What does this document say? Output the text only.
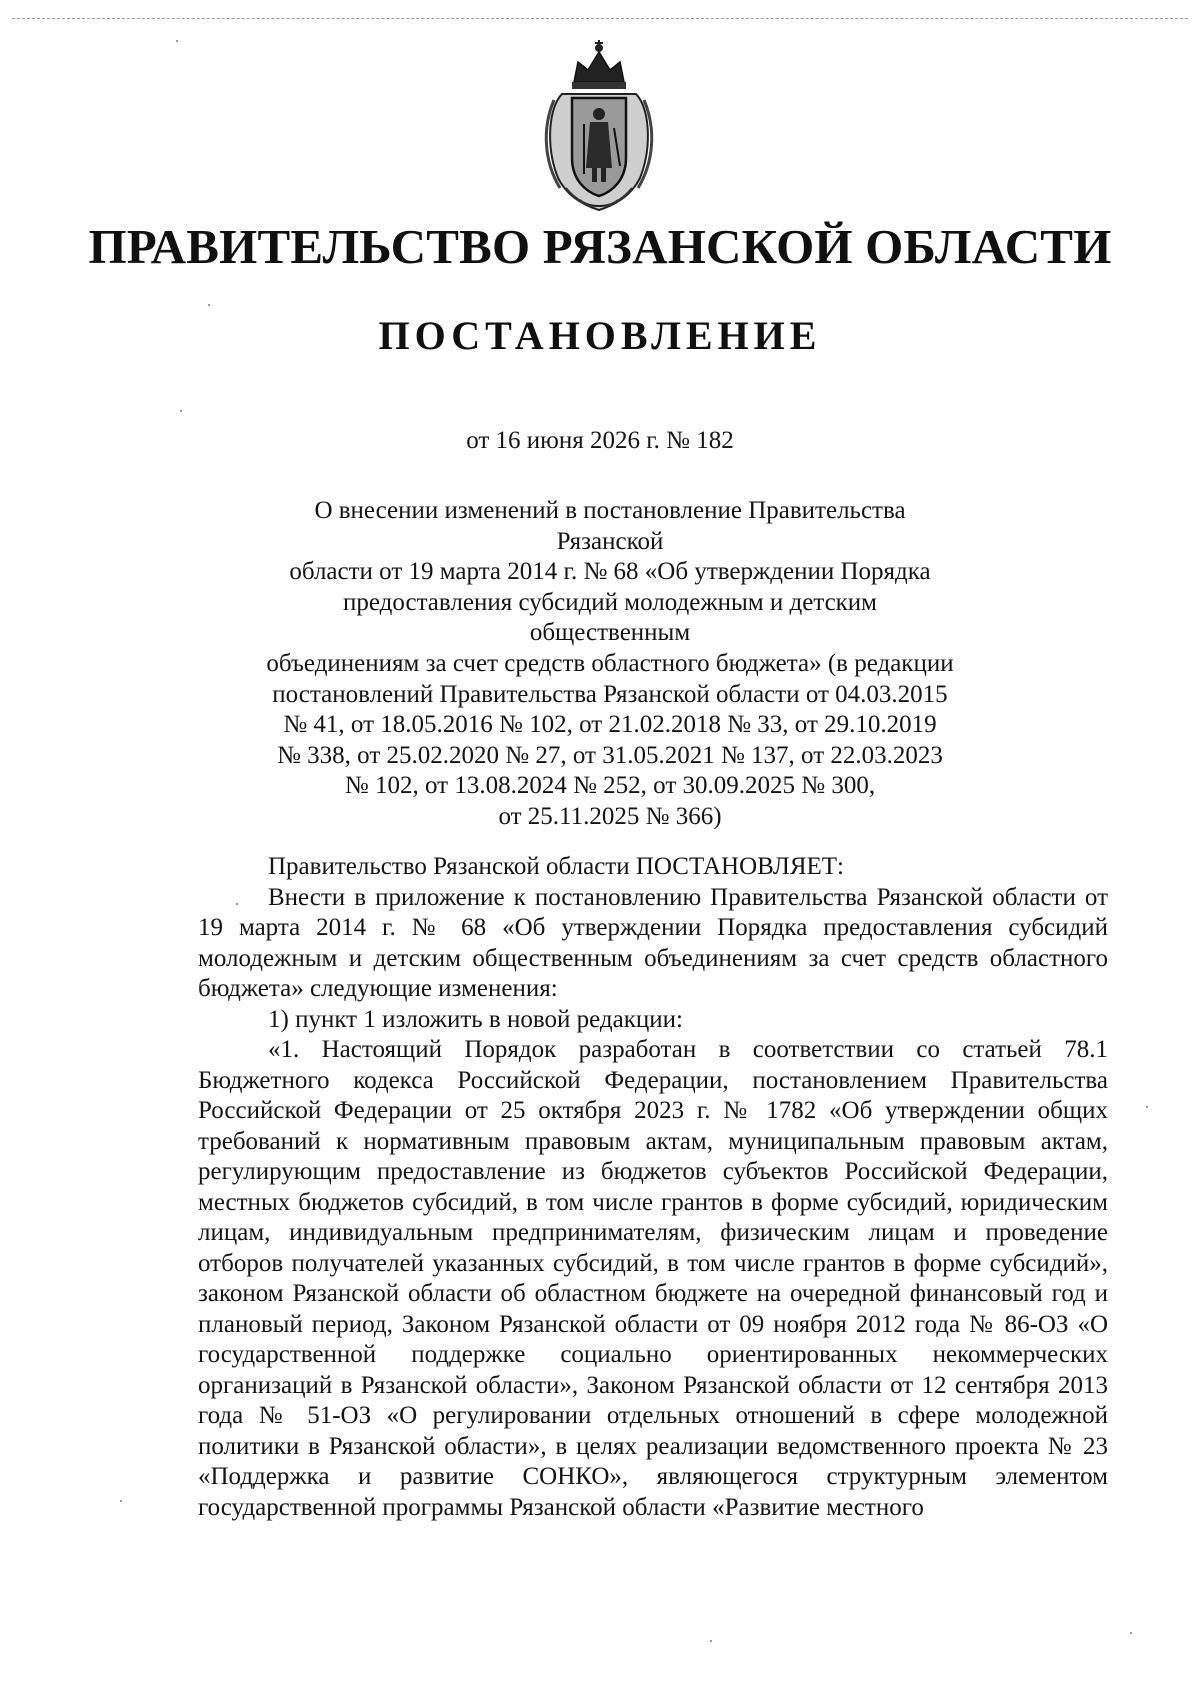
ПРАВИТЕЛЬСТВО РЯЗАНСКОЙ ОБЛАСТИ
ПОСТАНОВЛЕНИЕ
от 16 июня 2026 г. № 182
О внесении изменений в постановление Правительства Рязанской
области от 19 марта 2014 г. № 68 «Об утверждении Порядка
предоставления субсидий молодежным и детским общественным
объединениям за счет средств областного бюджета» (в редакции
постановлений Правительства Рязанской области от 04.03.2015
№ 41, от 18.05.2016 № 102, от 21.02.2018 № 33, от 29.10.2019
№ 338, от 25.02.2020 № 27, от 31.05.2021 № 137, от 22.03.2023
№ 102, от 13.08.2024 № 252, от 30.09.2025 № 300,
от 25.11.2025 № 366)

Правительство Рязанской области ПОСТАНОВЛЯЕТ:

Внести в приложение к постановлению Правительства Рязанской области от 19 марта 2014 г. № 68 «Об утверждении Порядка предоставления субсидий молодежным и детским общественным объединениям за счет средств областного бюджета» следующие изменения:

1) пункт 1 изложить в новой редакции:

«1. Настоящий Порядок разработан в соответствии со статьей 78.1 Бюджетного кодекса Российской Федерации, постановлением Правительства Российской Федерации от 25 октября 2023 г. № 1782 «Об утверждении общих требований к нормативным правовым актам, муниципальным правовым актам, регулирующим предоставление из бюджетов субъектов Российской Федерации, местных бюджетов субсидий, в том числе грантов в форме субсидий, юридическим лицам, индивидуальным предпринимателям, физическим лицам и проведение отборов получателей указанных субсидий, в том числе грантов в форме субсидий», законом Рязанской области об областном бюджете на очередной финансовый год и плановый период, Законом Рязанской области от 09 ноября 2012 года № 86-ОЗ «О государственной поддержке социально ориентированных некоммерческих организаций в Рязанской области», Законом Рязанской области от 12 сентября 2013 года № 51-ОЗ «О регулировании отдельных отношений в сфере молодежной политики в Рязанской области», в целях реализации ведомственного проекта № 23 «Поддержка и развитие СОНКО», являющегося структурным элементом государственной программы Рязанской области «Развитие местного
